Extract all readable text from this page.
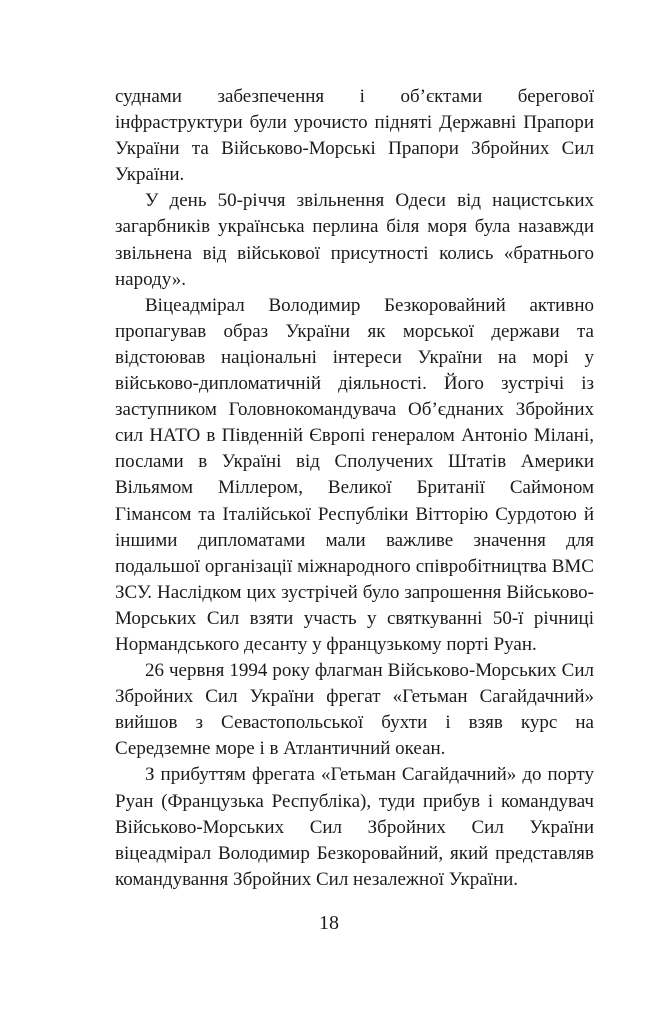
суднами забезпечення і об’єктами берегової інфраструктури були урочисто підняті Державні Прапори України та Військово-Морські Прапори Збройних Сил України.

У день 50-річчя звільнення Одеси від нацистських загарбників українська перлина біля моря була назавжди звільнена від військової присутності колись «братнього народу».

Віцеадмірал Володимир Безкоровайний активно пропагував образ України як морської держави та відстоював національні інтереси України на морі у військово-дипломатичній діяльності. Його зустрічі із заступником Головнокомандувача Об’єднаних Збройних сил НАТО в Південній Європі генералом Антоніо Мілані, послами в Україні від Сполучених Штатів Америки Вільямом Міллером, Великої Британії Саймоном Гімансом та Італійської Республіки Вітторію Сурдотою й іншими дипломатами мали важливе значення для подальшої організації міжнародного співробітництва ВМС ЗСУ. Наслідком цих зустрічей було запрошення Військово-Морських Сил взяти участь у святкуванні 50-ї річниці Нормандського десанту у французькому порті Руан.

26 червня 1994 року флагман Військово-Морських Сил Збройних Сил України фрегат «Гетьман Сагайдачний» вийшов з Севастопольської бухти і взяв курс на Середземне море і в Атлантичний океан.

З прибуттям фрегата «Гетьман Сагайдачний» до порту Руан (Французька Республіка), туди прибув і командувач Військово-Морських Сил Збройних Сил України віцеадмірал Володимир Безкоровайний, який представляв командування Збройних Сил незалежної України.

18
